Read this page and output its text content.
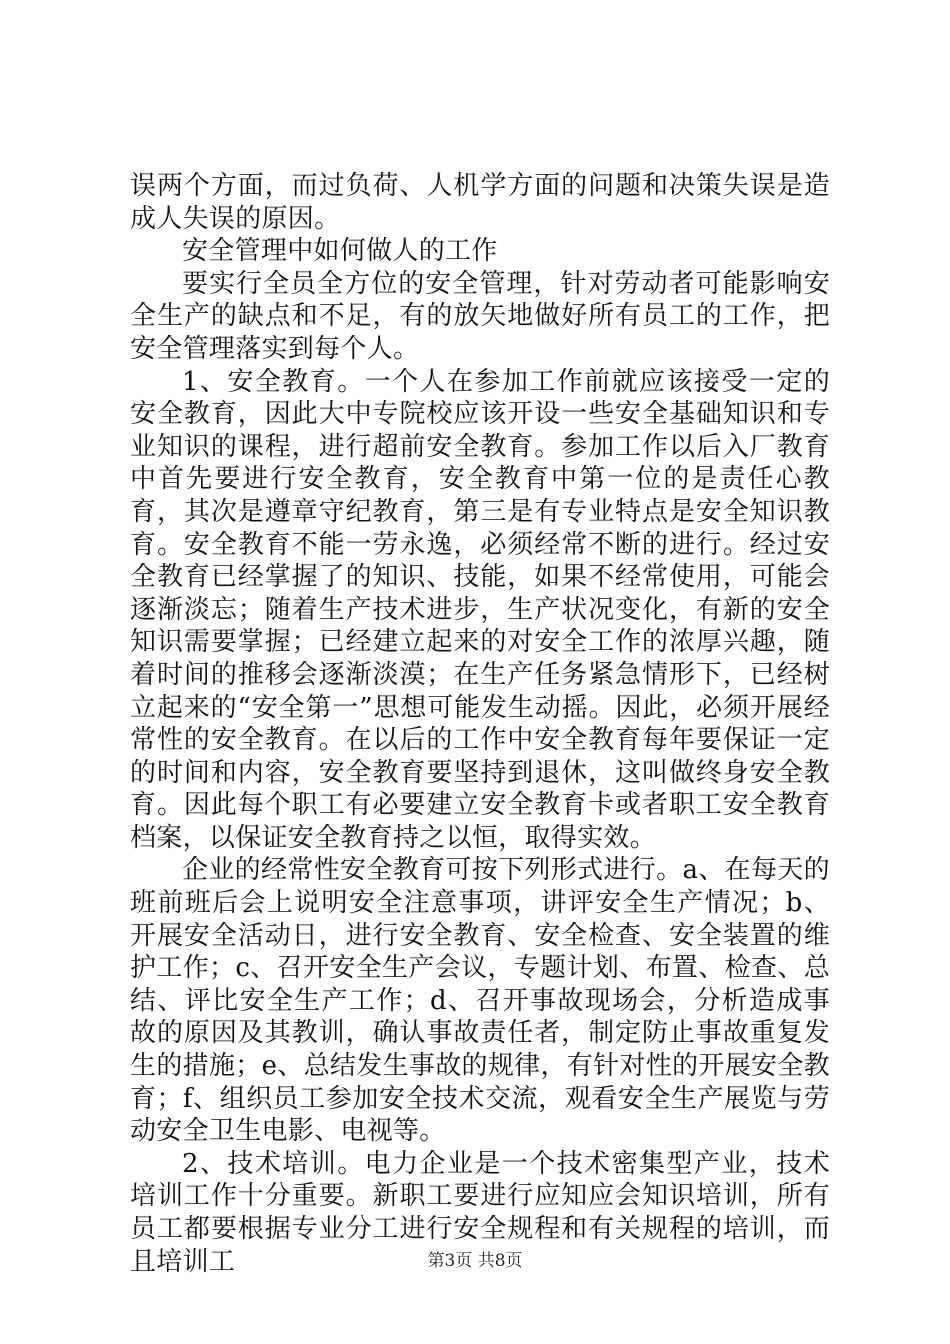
误两个方面，而过负荷、人机学方面的问题和决策失误是造成人失误的原因。

安全管理中如何做人的工作

要实行全员全方位的安全管理，针对劳动者可能影响安全生产的缺点和不足，有的放矢地做好所有员工的工作，把安全管理落实到每个人。

1、安全教育。一个人在参加工作前就应该接受一定的安全教育，因此大中专院校应该开设一些安全基础知识和专业知识的课程，进行超前安全教育。参加工作以后入厂教育中首先要进行安全教育，安全教育中第一位的是责任心教育，其次是遵章守纪教育，第三是有专业特点是安全知识教育。安全教育不能一劳永逸，必须经常不断的进行。经过安全教育已经掌握了的知识、技能，如果不经常使用，可能会逐渐淡忘；随着生产技术进步，生产状况变化，有新的安全知识需要掌握；已经建立起来的对安全工作的浓厚兴趣，随着时间的推移会逐渐淡漠；在生产任务紧急情形下，已经树立起来的“安全第一”思想可能发生动摇。因此，必须开展经常性的安全教育。在以后的工作中安全教育每年要保证一定的时间和内容，安全教育要坚持到退休，这叫做终身安全教育。因此每个职工有必要建立安全教育卡或者职工安全教育档案，以保证安全教育持之以恒，取得实效。

企业的经常性安全教育可按下列形式进行。a、在每天的班前班后会上说明安全注意事项，讲评安全生产情况；b、开展安全活动日，进行安全教育、安全检查、安全装置的维护工作；c、召开安全生产会议，专题计划、布置、检查、总结、评比安全生产工作；d、召开事故现场会，分析造成事故的原因及其教训，确认事故责任者，制定防止事故重复发生的措施；e、总结发生事故的规律，有针对性的开展安全教育；f、组织员工参加安全技术交流，观看安全生产展览与劳动安全卫生电影、电视等。

2、技术培训。电力企业是一个技术密集型产业，技术培训工作十分重要。新职工要进行应知应会知识培训，所有员工都要根据专业分工进行安全规程和有关规程的培训，而且培训工	第3页 共8页
